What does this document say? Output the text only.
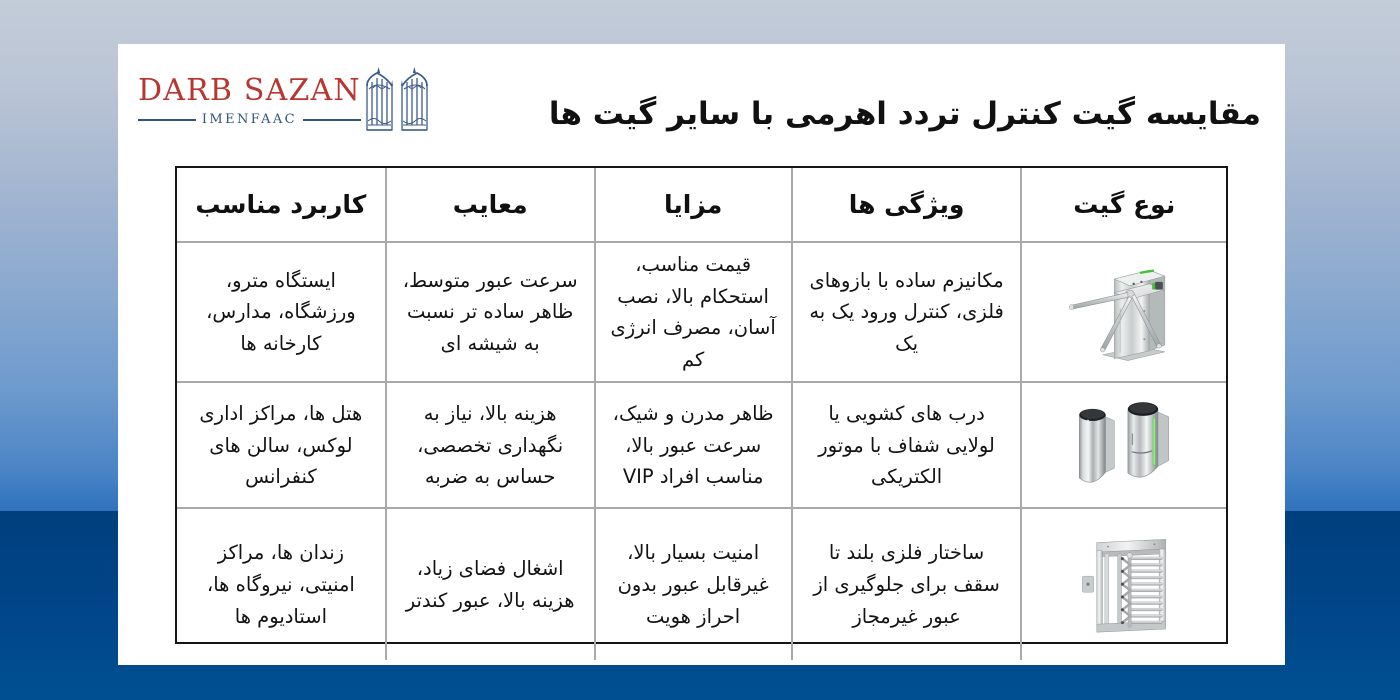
DARB SAZAN
IMENFAAC	مقایسه گیت کنترل تردد اهرمی با سایر گیت ها
نوع گیت	ویژگی ها	مزایا	معایب	کاربرد مناسب

	مکانیزم ساده با بازوهای فلزی، کنترل ورود یک به یک	قیمت مناسب، استحکام بالا، نصب آسان، مصرف انرژی کم	سرعت عبور متوسط، ظاهر ساده تر نسبت به شیشه ای	ایستگاه مترو، ورزشگاه، مدارس، کارخانه ها

	درب های کشویی یا لولایی شفاف با موتور الکتریکی	ظاهر مدرن و شیک، سرعت عبور بالا، مناسب افراد VIP	هزینه بالا، نیاز به نگهداری تخصصی، حساس به ضربه	هتل ها، مراکز اداری لوکس، سالن های کنفرانس

	ساختار فلزی بلند تا سقف برای جلوگیری از عبور غیرمجاز	امنیت بسیار بالا، غیرقابل عبور بدون احراز هویت	اشغال فضای زیاد، هزینه بالا، عبور کندتر	زندان ها، مراکز امنیتی، نیروگاه ها، استادیوم ها
